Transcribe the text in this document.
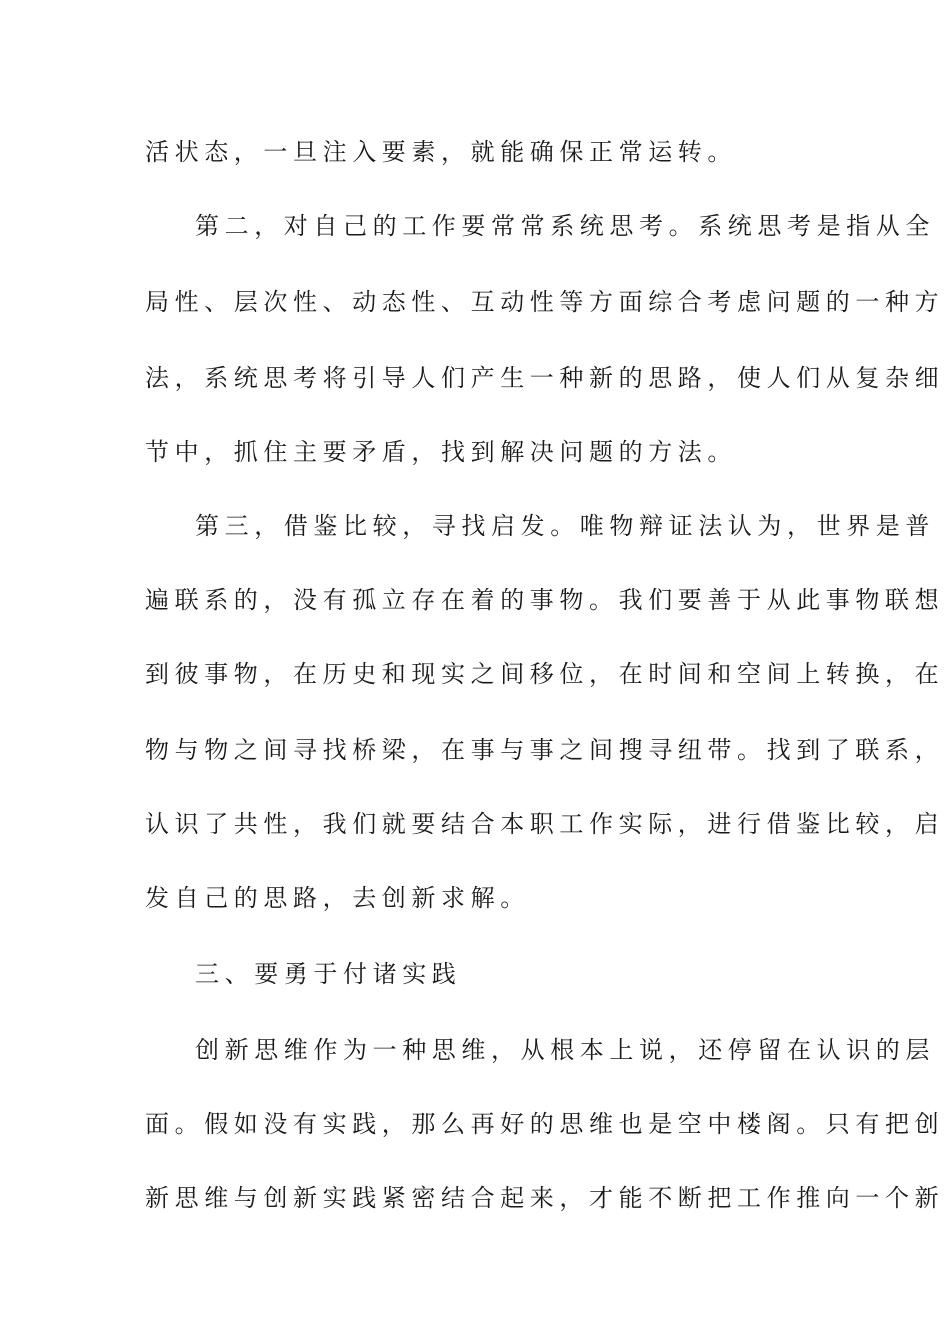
活状态，一旦注入要素，就能确保正常运转。
第二，对自己的工作要常常系统思考。系统思考是指从全
局性、层次性、动态性、互动性等方面综合考虑问题的一种方
法，系统思考将引导人们产生一种新的思路，使人们从复杂细
节中，抓住主要矛盾，找到解决问题的方法。
第三，借鉴比较，寻找启发。唯物辩证法认为，世界是普
遍联系的，没有孤立存在着的事物。我们要善于从此事物联想
到彼事物，在历史和现实之间移位，在时间和空间上转换，在
物与物之间寻找桥梁，在事与事之间搜寻纽带。找到了联系，
认识了共性，我们就要结合本职工作实际，进行借鉴比较，启
发自己的思路，去创新求解。
三、要勇于付诸实践
创新思维作为一种思维，从根本上说，还停留在认识的层
面。假如没有实践，那么再好的思维也是空中楼阁。只有把创
新思维与创新实践紧密结合起来，才能不断把工作推向一个新
